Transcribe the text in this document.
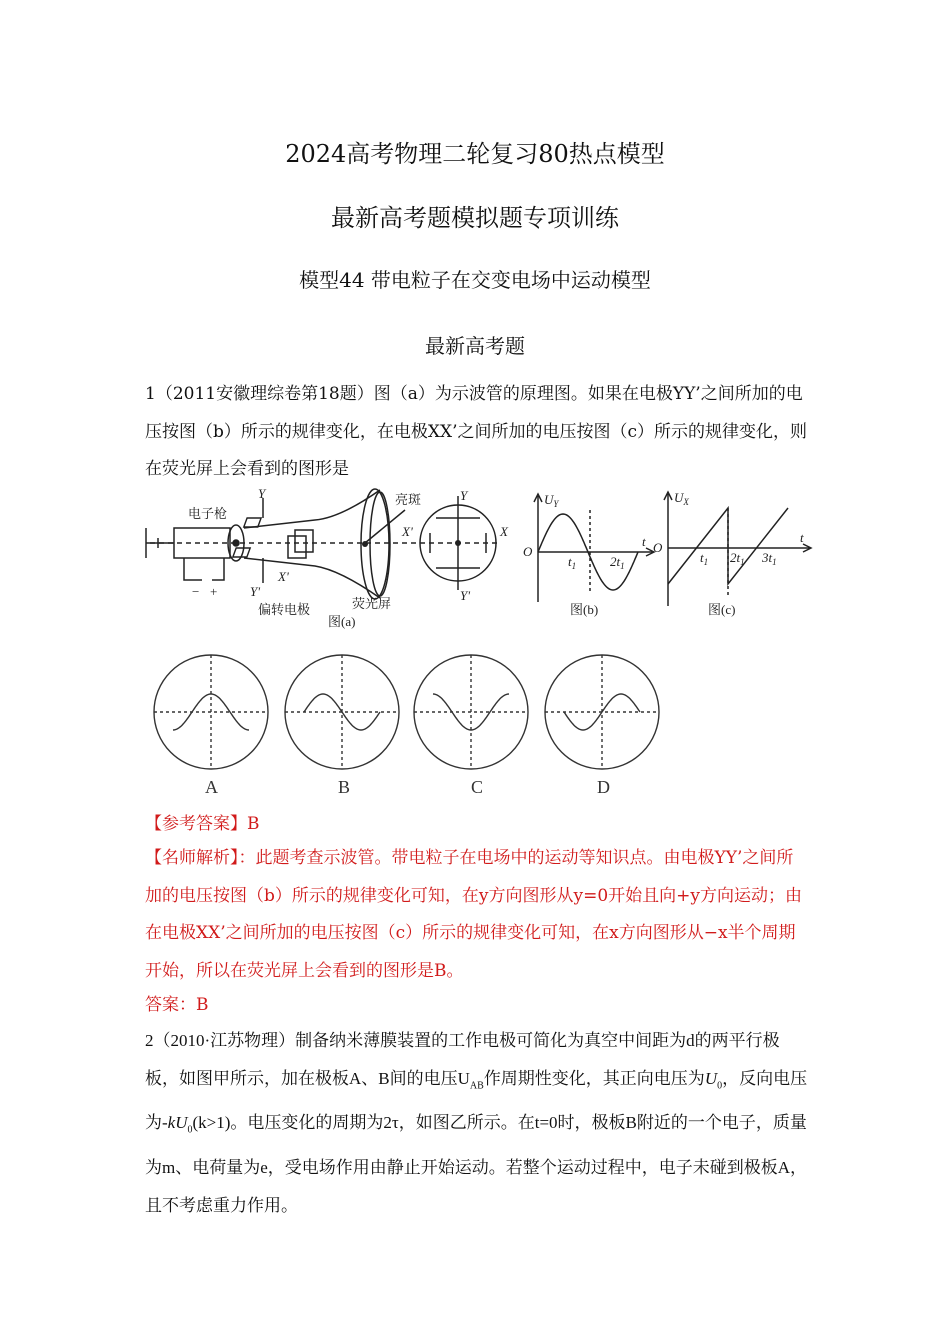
2024高考物理二轮复习80热点模型
最新高考题模拟题专项训练
模型44 带电粒子在交变电场中运动模型
最新高考题
1（2011安徽理综卷第18题）图（a）为示波管的原理图。如果在电极YY’之间所加的电压按图（b）所示的规律变化，在电极XX’之间所加的电压按图（c）所示的规律变化，则在荧光屏上会看到的图形是
电子枪
亮斑
偏转电极	荧光屏
图(a)
Y
Y'
X'
X'	X
Y
Y'
− +
$U_Y$
O
$t_1$	$2t_1$
t
图(b)
$U_X$
O
$t_1$ $2t_1$ $3t_1$
t
图(c)
A	B	C	D
【参考答案】B
【名师解析】：此题考查示波管。带电粒子在电场中的运动等知识点。由电极YY’之间所加的电压按图（b）所示的规律变化可知，在y方向图形从y=0开始且向+y方向运动；由在电极XX’之间所加的电压按图（c）所示的规律变化可知，在x方向图形从−x半个周期开始，所以在荧光屏上会看到的图形是B。
答案：B
2（2010·江苏物理）制备纳米薄膜装置的工作电极可简化为真空中间距为d的两平行极板，如图甲所示，加在极板A、B间的电压$U_{AB}$作周期性变化，其正向电压为$U_0$，反向电压为$-kU_0(k>1)$。电压变化的周期为2τ，如图乙所示。在t=0时，极板B附近的一个电子，质量为m、电荷量为e，受电场作用由静止开始运动。若整个运动过程中，电子未碰到极板A，且不考虑重力作用。
